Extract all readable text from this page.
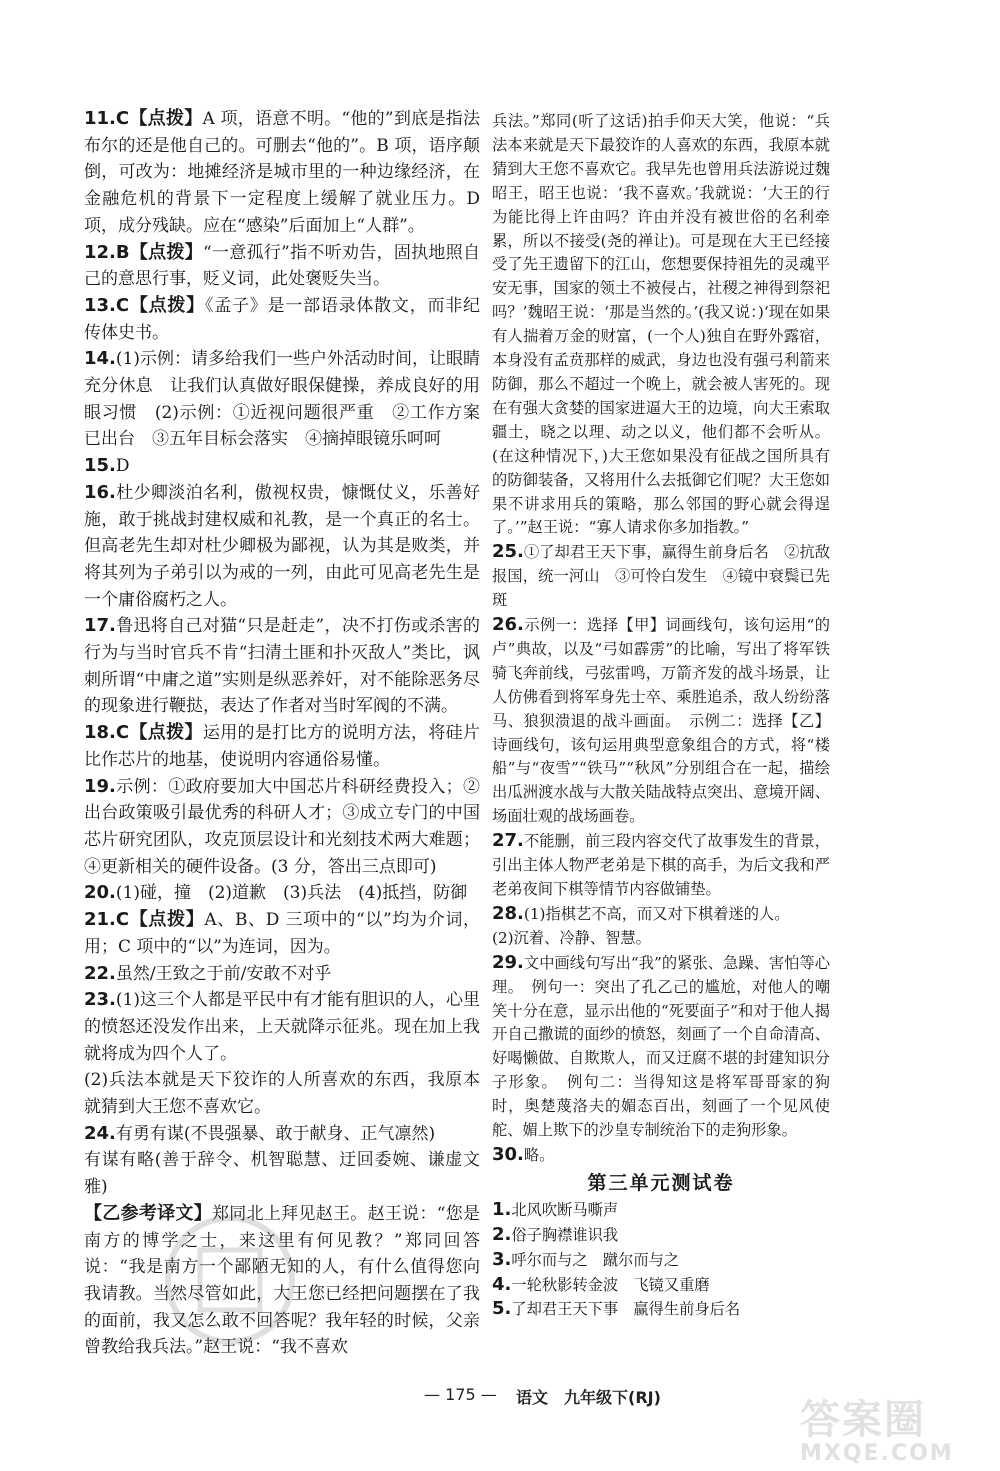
11.C【点拨】A 项，语意不明。“他的”到底是指法布尔的还是他自己的。可删去“他的”。B 项，语序颠倒，可改为：地摊经济是城市里的一种边缘经济，在金融危机的背景下一定程度上缓解了就业压力。D 项，成分残缺。应在“感染”后面加上“人群”。

12.B【点拨】“一意孤行”指不听劝告，固执地照自己的意思行事，贬义词，此处褒贬失当。

13.C【点拨】《孟子》是一部语录体散文，而非纪传体史书。

14.(1)示例：请多给我们一些户外活动时间，让眼睛充分休息　让我们认真做好眼保健操，养成良好的用眼习惯　(2)示例：①近视问题很严重　②工作方案已出台　③五年目标会落实　④摘掉眼镜乐呵呵

15.D

16.杜少卿淡泊名利，傲视权贵，慷慨仗义，乐善好施，敢于挑战封建权威和礼教，是一个真正的名士。但高老先生却对杜少卿极为鄙视，认为其是败类，并将其列为子弟引以为戒的一列，由此可见高老先生是一个庸俗腐朽之人。

17.鲁迅将自己对猫“只是赶走”，决不打伤或杀害的行为与当时官兵不肯“扫清土匪和扑灭敌人”类比，讽刺所谓“中庸之道”实则是纵恶养奸，对不能除恶务尽的现象进行鞭挞，表达了作者对当时军阀的不满。

18.C【点拨】运用的是打比方的说明方法，将硅片比作芯片的地基，使说明内容通俗易懂。

19.示例：①政府要加大中国芯片科研经费投入；②出台政策吸引最优秀的科研人才；③成立专门的中国芯片研究团队，攻克顶层设计和光刻技术两大难题；④更新相关的硬件设备。(3 分，答出三点即可)

20.(1)碰，撞　(2)道歉　(3)兵法　(4)抵挡，防御

21.C【点拨】A、B、D 三项中的“以”均为介词，用；C 项中的“以”为连词，因为。

22.虽然/王致之于前/安敢不对乎

23.(1)这三个人都是平民中有才能有胆识的人，心里的愤怒还没发作出来，上天就降示征兆。现在加上我就将成为四个人了。

(2)兵法本就是天下狡诈的人所喜欢的东西，我原本就猜到大王您不喜欢它。

24.有勇有谋(不畏强暴、敢于献身、正气凛然)

有谋有略(善于辞令、机智聪慧、迂回委婉、谦虚文雅)

【乙参考译文】郑同北上拜见赵王。赵王说：“您是南方的博学之士，来这里有何见教？”郑同回答说：“我是南方一个鄙陋无知的人，有什么值得您向我请教。当然尽管如此，大王您已经把问题摆在了我的面前，我又怎么敢不回答呢？我年轻的时候，父亲曾教给我兵法。”赵王说：“我不喜欢

兵法。”郑同(听了这话)拍手仰天大笑，他说：“兵法本来就是天下最狡诈的人喜欢的东西，我原本就猜到大王您不喜欢它。我早先也曾用兵法游说过魏昭王，昭王也说：‘我不喜欢。’我就说：‘大王的行为能比得上许由吗？许由并没有被世俗的名利牵累，所以不接受(尧的禅让)。可是现在大王已经接受了先王遗留下的江山，您想要保持祖先的灵魂平安无事，国家的领土不被侵占，社稷之神得到祭祀吗？’魏昭王说：‘那是当然的。’(我又说：)‘现在如果有人揣着万金的财富，(一个人)独自在野外露宿，本身没有孟贲那样的威武，身边也没有强弓利箭来防御，那么不超过一个晚上，就会被人害死的。现在有强大贪婪的国家进逼大王的边境，向大王索取疆土，晓之以理、动之以义，他们都不会听从。(在这种情况下，)大王您如果没有征战之国所具有的防御装备，又将用什么去抵御它们呢？大王您如果不讲求用兵的策略，那么邻国的野心就会得逞了。’”赵王说：“寡人请求你多加指教。”

25.①了却君王天下事，赢得生前身后名　②抗敌报国，统一河山　③可怜白发生　④镜中衰鬓已先斑

26.示例一：选择【甲】词画线句，该句运用“的卢”典故，以及“弓如霹雳”的比喻，写出了将军铁骑飞奔前线，弓弦雷鸣，万箭齐发的战斗场景，让人仿佛看到将军身先士卒、乘胜追杀，敌人纷纷落马、狼狈溃退的战斗画面。　示例二：选择【乙】诗画线句，该句运用典型意象组合的方式，将“楼船”与“夜雪”“铁马”“秋风”分别组合在一起，描绘出瓜洲渡水战与大散关陆战特点突出、意境开阔、场面壮观的战场画卷。

27.不能删，前三段内容交代了故事发生的背景，引出主体人物严老弟是下棋的高手，为后文我和严老弟夜间下棋等情节内容做铺垫。

28.(1)指棋艺不高，而又对下棋着迷的人。

(2)沉着、冷静、智慧。

29.文中画线句写出“我”的紧张、急躁、害怕等心理。　例句一：突出了孔乙己的尴尬，对他人的嘲笑十分在意，显示出他的“死要面子”和对于他人揭开自己撒谎的面纱的愤怒，刻画了一个自命清高、好喝懒做、自欺欺人，而又迂腐不堪的封建知识分子形象。　例句二：当得知这是将军哥哥家的狗时，奥楚蔑洛夫的媚态百出，刻画了一个见风使舵、媚上欺下的沙皇专制统治下的走狗形象。

30.略。

第三单元测试卷

1.北风吹断马嘶声

2.俗子胸襟谁识我

3.呼尔而与之　蹴尔而与之

4.一轮秋影转金波　飞镜又重磨

5.了却君王天下事　赢得生前身后名

— 175 — 语文　九年级下(RJ)	答案圈
MXQE.COM
